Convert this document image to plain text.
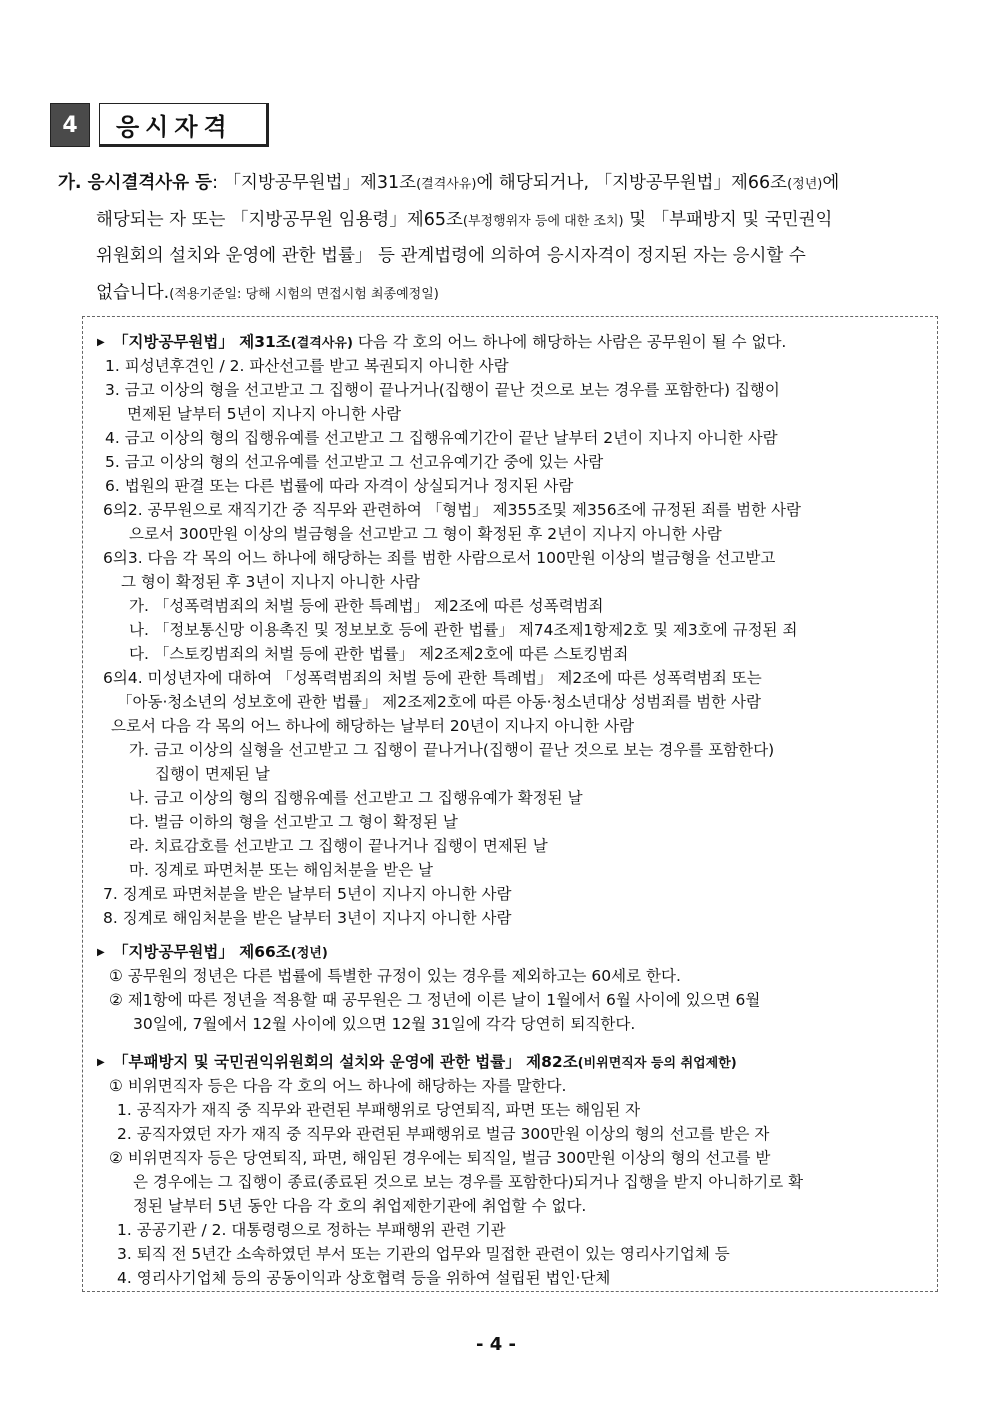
4	응시자격
가. 응시결격사유 등: 「지방공무원법」제31조(결격사유)에 해당되거나, 「지방공무원법」제66조(정년)에
해당되는 자 또는 「지방공무원 임용령」제65조(부정행위자 등에 대한 조치) 및 「부패방지 및 국민권익
위원회의 설치와 운영에 관한 법률」 등 관계법령에 의하여 응시자격이 정지된 자는 응시할 수
없습니다.(적용기준일: 당해 시험의 면접시험 최종예정일)
▶ 「지방공무원법」 제31조(결격사유) 다음 각 호의 어느 하나에 해당하는 사람은 공무원이 될 수 없다.
1. 피성년후견인 / 2. 파산선고를 받고 복권되지 아니한 사람
3. 금고 이상의 형을 선고받고 그 집행이 끝나거나(집행이 끝난 것으로 보는 경우를 포함한다) 집행이
면제된 날부터 5년이 지나지 아니한 사람
4. 금고 이상의 형의 집행유예를 선고받고 그 집행유예기간이 끝난 날부터 2년이 지나지 아니한 사람
5. 금고 이상의 형의 선고유예를 선고받고 그 선고유예기간 중에 있는 사람
6. 법원의 판결 또는 다른 법률에 따라 자격이 상실되거나 정지된 사람
6의2. 공무원으로 재직기간 중 직무와 관련하여 「형법」 제355조및 제356조에 규정된 죄를 범한 사람
으로서 300만원 이상의 벌금형을 선고받고 그 형이 확정된 후 2년이 지나지 아니한 사람
6의3. 다음 각 목의 어느 하나에 해당하는 죄를 범한 사람으로서 100만원 이상의 벌금형을 선고받고
그 형이 확정된 후 3년이 지나지 아니한 사람
가. 「성폭력범죄의 처벌 등에 관한 특례법」 제2조에 따른 성폭력범죄
나. 「정보통신망 이용촉진 및 정보보호 등에 관한 법률」 제74조제1항제2호 및 제3호에 규정된 죄
다. 「스토킹범죄의 처벌 등에 관한 법률」 제2조제2호에 따른 스토킹범죄
6의4. 미성년자에 대하여 「성폭력범죄의 처벌 등에 관한 특례법」 제2조에 따른 성폭력범죄 또는
「아동·청소년의 성보호에 관한 법률」 제2조제2호에 따른 아동·청소년대상 성범죄를 범한 사람
으로서 다음 각 목의 어느 하나에 해당하는 날부터 20년이 지나지 아니한 사람
가. 금고 이상의 실형을 선고받고 그 집행이 끝나거나(집행이 끝난 것으로 보는 경우를 포함한다)
집행이 면제된 날
나. 금고 이상의 형의 집행유예를 선고받고 그 집행유예가 확정된 날
다. 벌금 이하의 형을 선고받고 그 형이 확정된 날
라. 치료감호를 선고받고 그 집행이 끝나거나 집행이 면제된 날
마. 징계로 파면처분 또는 해임처분을 받은 날
7. 징계로 파면처분을 받은 날부터 5년이 지나지 아니한 사람
8. 징계로 해임처분을 받은 날부터 3년이 지나지 아니한 사람
▶ 「지방공무원법」 제66조(정년)
① 공무원의 정년은 다른 법률에 특별한 규정이 있는 경우를 제외하고는 60세로 한다.
② 제1항에 따른 정년을 적용할 때 공무원은 그 정년에 이른 날이 1월에서 6월 사이에 있으면 6월
30일에, 7월에서 12월 사이에 있으면 12월 31일에 각각 당연히 퇴직한다.
▶ 「부패방지 및 국민권익위원회의 설치와 운영에 관한 법률」 제82조(비위면직자 등의 취업제한)
① 비위면직자 등은 다음 각 호의 어느 하나에 해당하는 자를 말한다.
1. 공직자가 재직 중 직무와 관련된 부패행위로 당연퇴직, 파면 또는 해임된 자
2. 공직자였던 자가 재직 중 직무와 관련된 부패행위로 벌금 300만원 이상의 형의 선고를 받은 자
② 비위면직자 등은 당연퇴직, 파면, 해임된 경우에는 퇴직일, 벌금 300만원 이상의 형의 선고를 받
은 경우에는 그 집행이 종료(종료된 것으로 보는 경우를 포함한다)되거나 집행을 받지 아니하기로 확
정된 날부터 5년 동안 다음 각 호의 취업제한기관에 취업할 수 없다.
1. 공공기관 / 2. 대통령령으로 정하는 부패행위 관련 기관
3. 퇴직 전 5년간 소속하였던 부서 또는 기관의 업무와 밀접한 관련이 있는 영리사기업체 등
4. 영리사기업체 등의 공동이익과 상호협력 등을 위하여 설립된 법인·단체
- 4 -
